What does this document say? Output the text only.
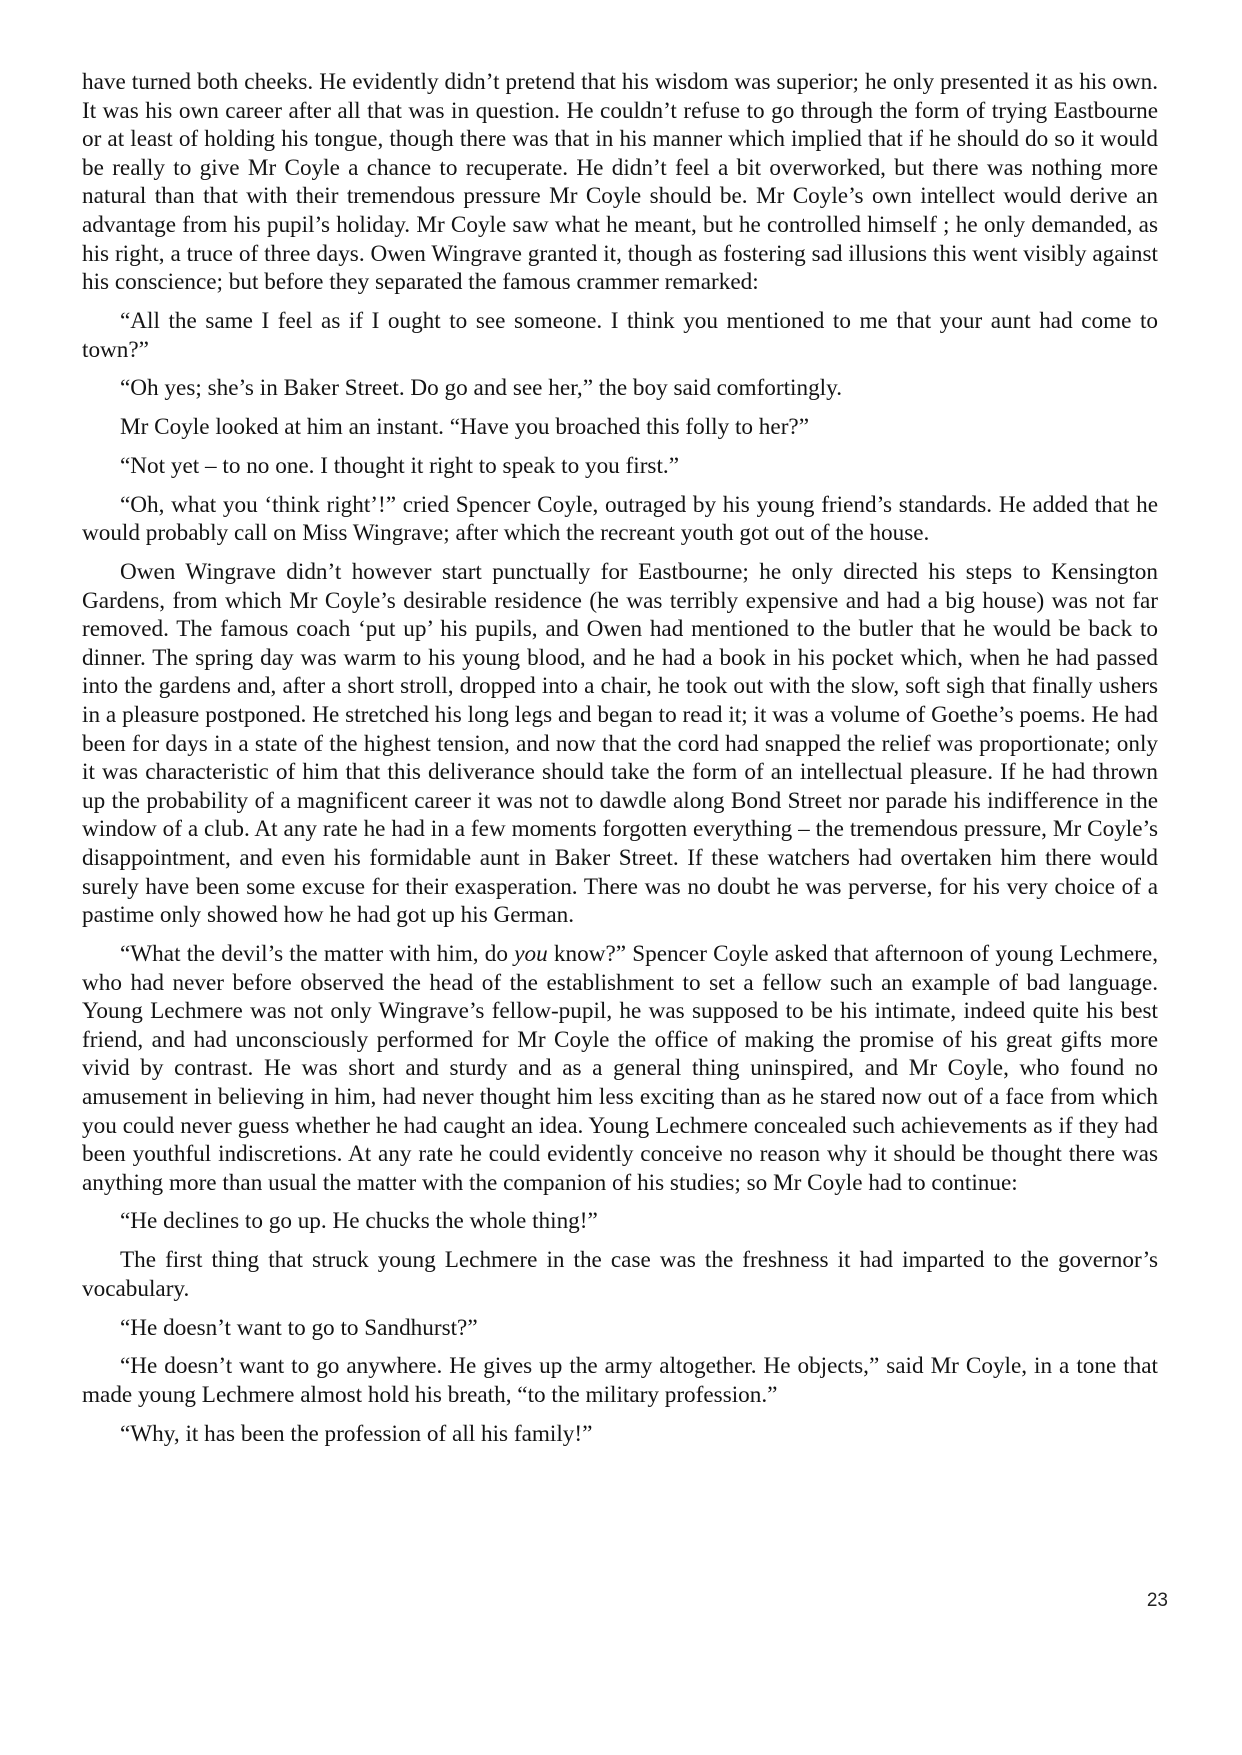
have turned both cheeks. He evidently didn’t pretend that his wisdom was superior; he only presented it as his own. It was his own career after all that was in question. He couldn’t refuse to go through the form of trying Eastbourne or at least of holding his tongue, though there was that in his manner which implied that if he should do so it would be really to give Mr Coyle a chance to recuperate. He didn’t feel a bit overworked, but there was nothing more natural than that with their tremendous pressure Mr Coyle should be. Mr Coyle’s own intellect would derive an advantage from his pupil’s holiday. Mr Coyle saw what he meant, but he controlled himself ; he only demanded, as his right, a truce of three days. Owen Wingrave granted it, though as fostering sad illusions this went visibly against his conscience; but before they separated the famous crammer remarked:

“All the same I feel as if I ought to see someone. I think you mentioned to me that your aunt had come to town?”

“Oh yes; she’s in Baker Street. Do go and see her,” the boy said comfortingly.

Mr Coyle looked at him an instant. “Have you broached this folly to her?”

“Not yet – to no one. I thought it right to speak to you first.”

“Oh, what you ‘think right’!” cried Spencer Coyle, outraged by his young friend’s standards. He added that he would probably call on Miss Wingrave; after which the recreant youth got out of the house.

Owen Wingrave didn’t however start punctually for Eastbourne; he only directed his steps to Kensington Gardens, from which Mr Coyle’s desirable residence (he was terribly expensive and had a big house) was not far removed. The famous coach ‘put up’ his pupils, and Owen had mentioned to the butler that he would be back to dinner. The spring day was warm to his young blood, and he had a book in his pocket which, when he had passed into the gardens and, after a short stroll, dropped into a chair, he took out with the slow, soft sigh that finally ushers in a pleasure postponed. He stretched his long legs and began to read it; it was a volume of Goethe’s poems. He had been for days in a state of the highest tension, and now that the cord had snapped the relief was proportionate; only it was characteristic of him that this deliverance should take the form of an intellectual pleasure. If he had thrown up the probability of a magnificent career it was not to dawdle along Bond Street nor parade his indifference in the window of a club. At any rate he had in a few moments forgotten everything – the tremendous pressure, Mr Coyle’s disappointment, and even his formidable aunt in Baker Street. If these watchers had overtaken him there would surely have been some excuse for their exasperation. There was no doubt he was perverse, for his very choice of a pastime only showed how he had got up his German.

“What the devil’s the matter with him, do you know?” Spencer Coyle asked that afternoon of young Lechmere, who had never before observed the head of the establishment to set a fellow such an example of bad language. Young Lechmere was not only Wingrave’s fellow-pupil, he was supposed to be his intimate, indeed quite his best friend, and had unconsciously performed for Mr Coyle the office of making the promise of his great gifts more vivid by contrast. He was short and sturdy and as a general thing uninspired, and Mr Coyle, who found no amusement in believing in him, had never thought him less exciting than as he stared now out of a face from which you could never guess whether he had caught an idea. Young Lechmere concealed such achievements as if they had been youthful indiscretions. At any rate he could evidently conceive no reason why it should be thought there was anything more than usual the matter with the companion of his studies; so Mr Coyle had to continue:

“He declines to go up. He chucks the whole thing!”

The first thing that struck young Lechmere in the case was the freshness it had imparted to the governor’s vocabulary.

“He doesn’t want to go to Sandhurst?”

“He doesn’t want to go anywhere. He gives up the army altogether. He objects,” said Mr Coyle, in a tone that made young Lechmere almost hold his breath, “to the military profession.”

“Why, it has been the profession of all his family!”

23
